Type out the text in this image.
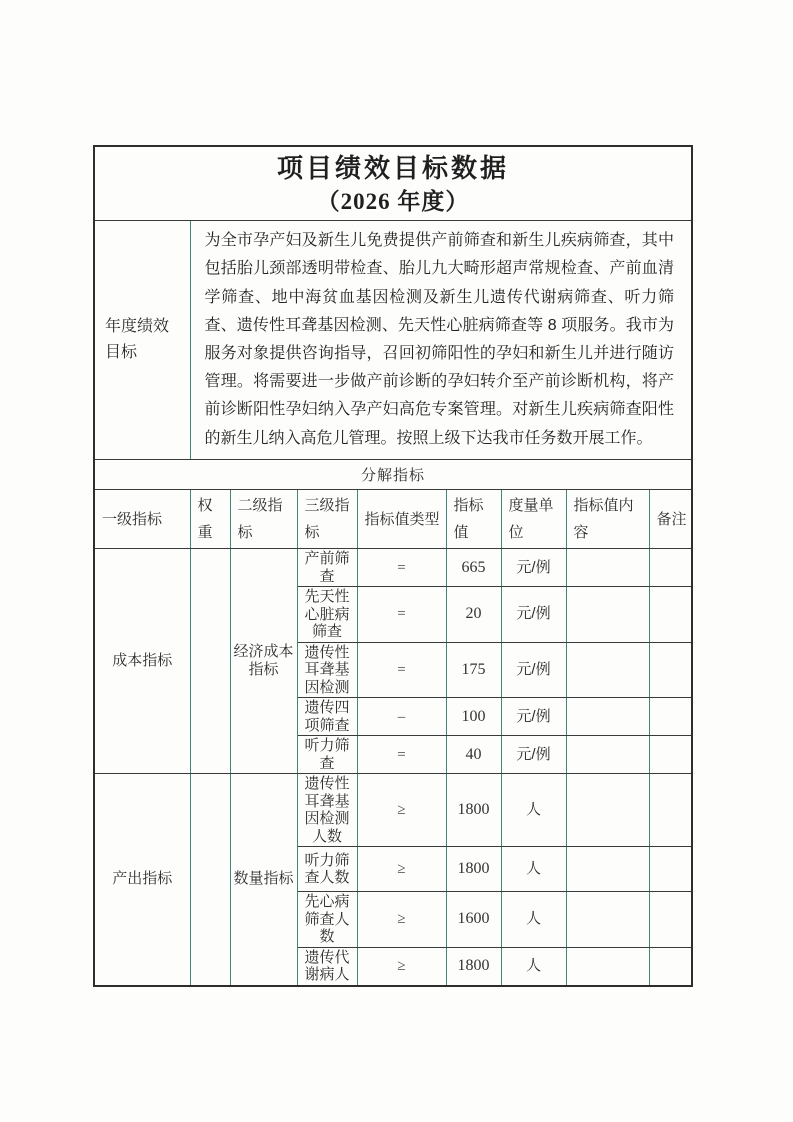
项目绩效目标数据
（2026 年度）								

年度绩效目标	为全市孕产妇及新生儿免费提供产前筛查和新生儿疾病筛查，其中包括胎儿颈部透明带检查、胎儿九大畸形超声常规检查、产前血清学筛查、地中海贫血基因检测及新生儿遗传代谢病筛查、听力筛查、遗传性耳聋基因检测、先天性心脏病筛查等 8 项服务。我市为服务对象提供咨询指导，召回初筛阳性的孕妇和新生儿并进行随访管理。将需要进一步做产前诊断的孕妇转介至产前诊断机构，将产前诊断阳性孕妇纳入孕产妇高危专案管理。对新生儿疾病筛查阳性的新生儿纳入高危儿管理。按照上级下达我市任务数开展工作。							
分解指标								
一级指标	权重	二级指标	三级指标	指标值类型	指标值	度量单位	指标值内容	备注
成本指标		经济成本指标	产前筛查	=	665	元/例		
			先天性心脏病筛查	=	20	元/例		
			遗传性耳聋基因检测	=	175	元/例		
			遗传四项筛查	–	100	元/例		
			听力筛查	=	40	元/例		
产出指标		数量指标	遗传性耳聋基因检测人数	≥	1800	人		
			听力筛查人数	≥	1800	人		
			先心病筛查人数	≥	1600	人		
			遗传代谢病人	≥	1800	人		
